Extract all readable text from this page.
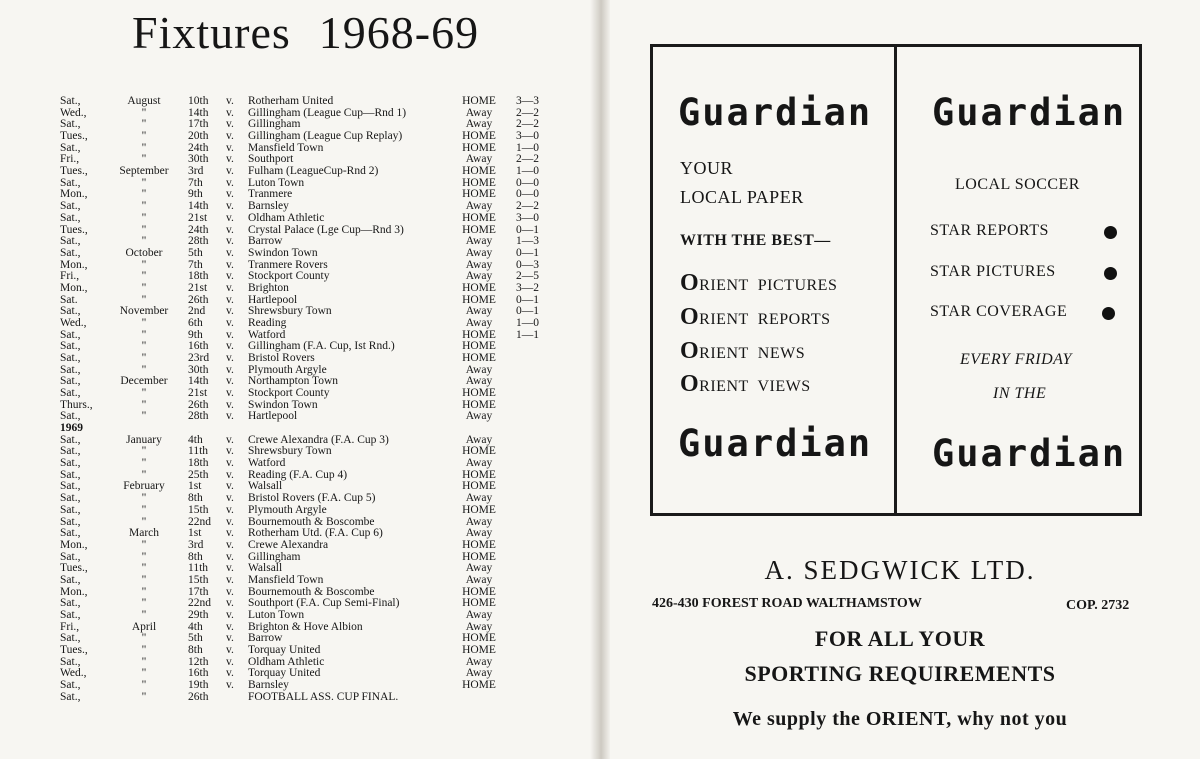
Fixtures 1968-69
Sat.,	August	10th v. Rotherham United	HOME	3—3
Wed.,	"	14th v. Gillingham (League Cup—Rnd 1)	Away	2—2
Sat.,	"	17th v. Gillingham	Away	2—2
Tues.,	"	20th v. Gillingham (League Cup Replay)	HOME	3—0
Sat.,	"	24th v. Mansfield Town	HOME	1—0
Fri.,	"	30th v. Southport	Away	2—2
Tues.,	September	3rd v. Fulham (LeagueCup-Rnd 2)	HOME	1—0
Sat.,	"	7th v. Luton Town	HOME	0—0
Mon.,	"	9th v. Tranmere	HOME	0—0
Sat.,	"	14th v. Barnsley	Away	2—2
Sat.,	"	21st v. Oldham Athletic	HOME	3—0
Tues.,	"	24th v. Crystal Palace (Lge Cup—Rnd 3)	HOME	0—1
Sat.,	"	28th v. Barrow	Away	1—3
Sat.,	October	5th v. Swindon Town	Away	0—1
Mon.,	"	7th v. Tranmere Rovers	Away	0—3
Fri.,	"	18th v. Stockport County	Away	2—5
Mon.,	"	21st v. Brighton	HOME	3—2
Sat.	"	26th v. Hartlepool	HOME	0—1
Sat.,	November	2nd v. Shrewsbury Town	Away	0—1
Wed.,	"	6th v. Reading	Away	1—0
Sat.,	"	9th v. Watford	HOME	1—1
Sat.,	"	16th v. Gillingham (F.A. Cup, Ist Rnd.)	HOME
Sat.,	"	23rd v. Bristol Rovers	HOME
Sat.,	"	30th v. Plymouth Argyle	Away
Sat.,	December	14th v. Northampton Town	Away
Sat.,	"	21st v. Stockport County	HOME
Thurs.,	"	26th v. Swindon Town	HOME
Sat.,	"	28th v. Hartlepool	Away
1969
Sat.,	January	4th v. Crewe Alexandra (F.A. Cup 3)	Away
Sat.,	"	11th v. Shrewsbury Town	HOME
Sat.,	"	18th v. Watford	Away
Sat.,	"	25th v. Reading (F.A. Cup 4)	HOME
Sat.,	February	1st v. Walsall	HOME
Sat.,	"	8th v. Bristol Rovers (F.A. Cup 5)	Away
Sat.,	"	15th v. Plymouth Argyle	HOME
Sat.,	"	22nd v. Bournemouth & Boscombe	Away
Sat.,	March	1st v. Rotherham Utd. (F.A. Cup 6)	Away
Mon.,	"	3rd v. Crewe Alexandra	HOME
Sat.,	"	8th v. Gillingham	HOME
Tues.,	"	11th v. Walsall	Away
Sat.,	"	15th v. Mansfield Town	Away
Mon.,	"	17th v. Bournemouth & Boscombe	HOME
Sat.,	"	22nd v. Southport (F.A. Cup Semi-Final)	HOME
Sat.,	"	29th v. Luton Town	Away
Fri.,	April	4th v. Brighton & Hove Albion	Away
Sat.,	"	5th v. Barrow	HOME
Tues.,	"	8th v. Torquay United	HOME
Sat.,	"	12th v. Oldham Athletic	Away
Wed.,	"	16th v. Torquay United	Away
Sat.,	"	19th v. Barnsley	HOME
Sat.,	"	26th	FOOTBALL ASS. CUP FINAL.
Guardian Guardian
YOUR
LOCAL PAPER
WITH THE BEST—
ORIENT PICTURES
ORIENT REPORTS
ORIENT NEWS
ORIENT VIEWS
Guardian
LOCAL SOCCER
STAR REPORTS
STAR PICTURES
STAR COVERAGE
EVERY FRIDAY
IN THE
Guardian
A. SEDGWICK LTD.
426-430 FOREST ROAD WALTHAMSTOW	COP. 2732
FOR ALL YOUR
SPORTING REQUIREMENTS
We supply the ORIENT, why not you
